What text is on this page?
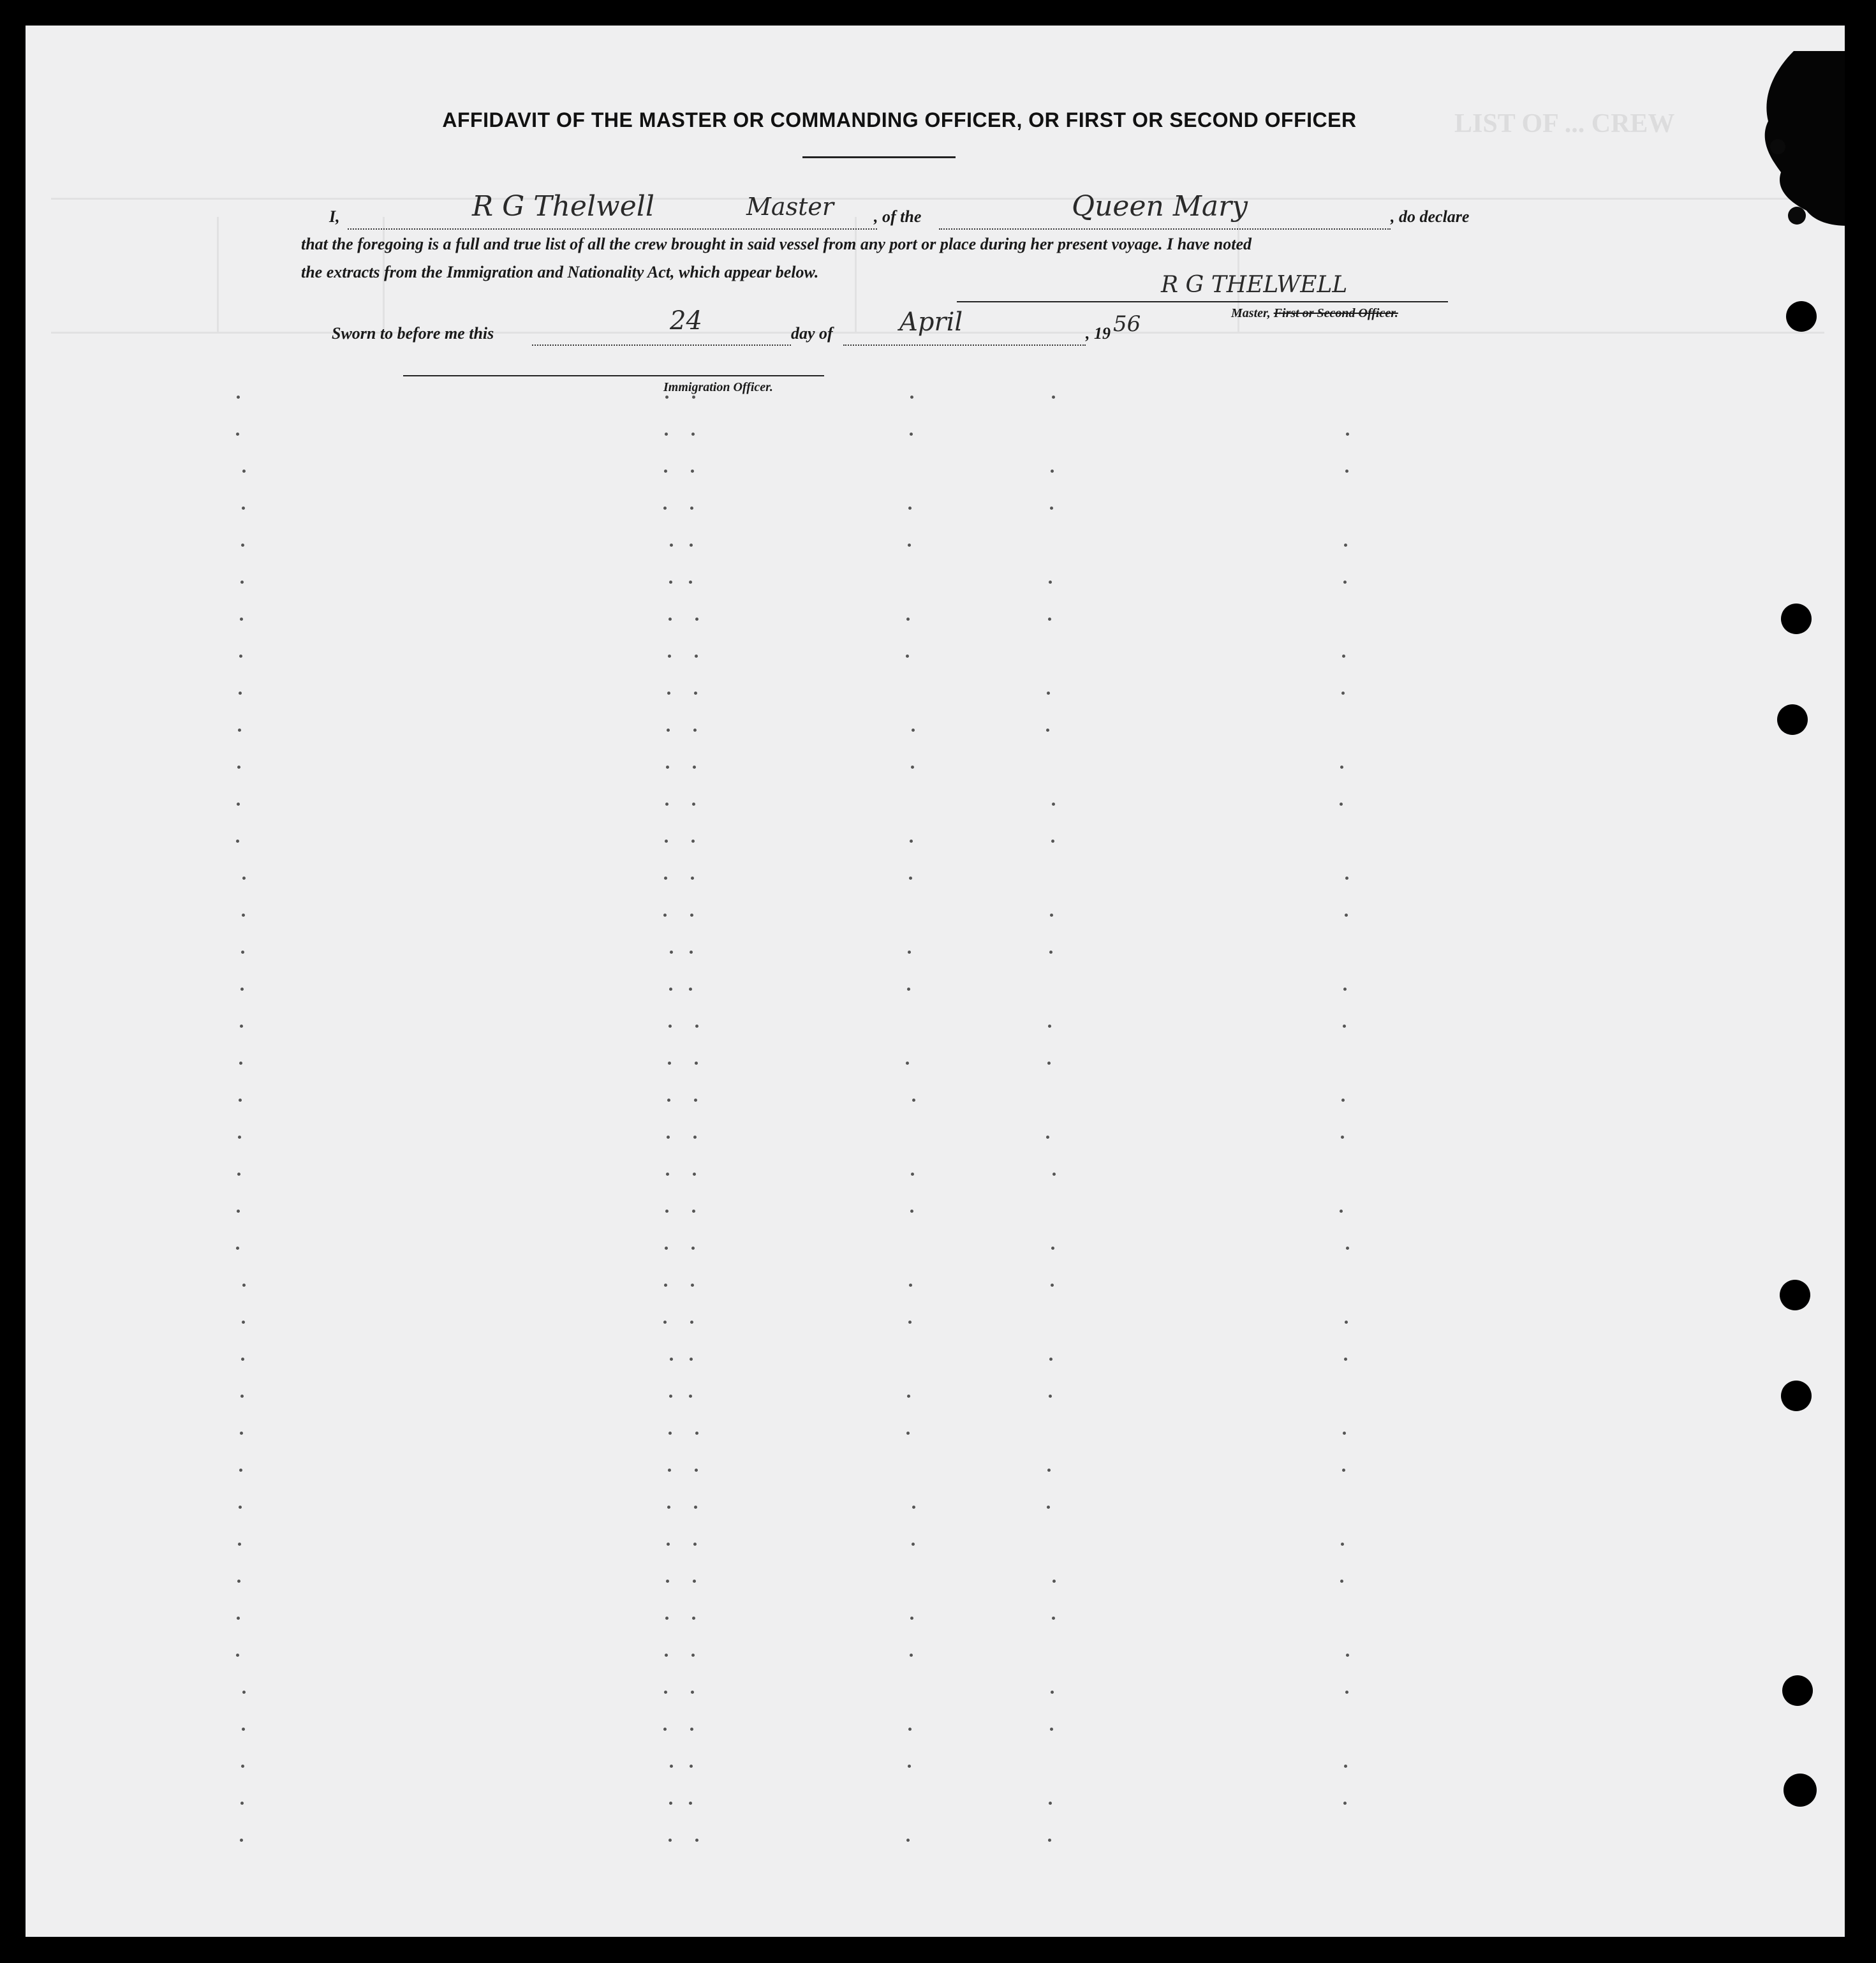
LIST OF ... CREW
AFFIDAVIT OF THE MASTER OR COMMANDING OFFICER, OR FIRST OR SECOND OFFICER
I,	R G Thelwell	Master , of the	Queen Mary	, do declare
that the foregoing is a full and true list of all the crew brought in said vessel from any port or place during her present voyage. I have noted
the extracts from the Immigration and Nationality Act, which appear below.	R G THELWELL
Master, First or Second Officer.
Sworn to before me this	24	day of	April	, 19 56
Immigration Officer.
